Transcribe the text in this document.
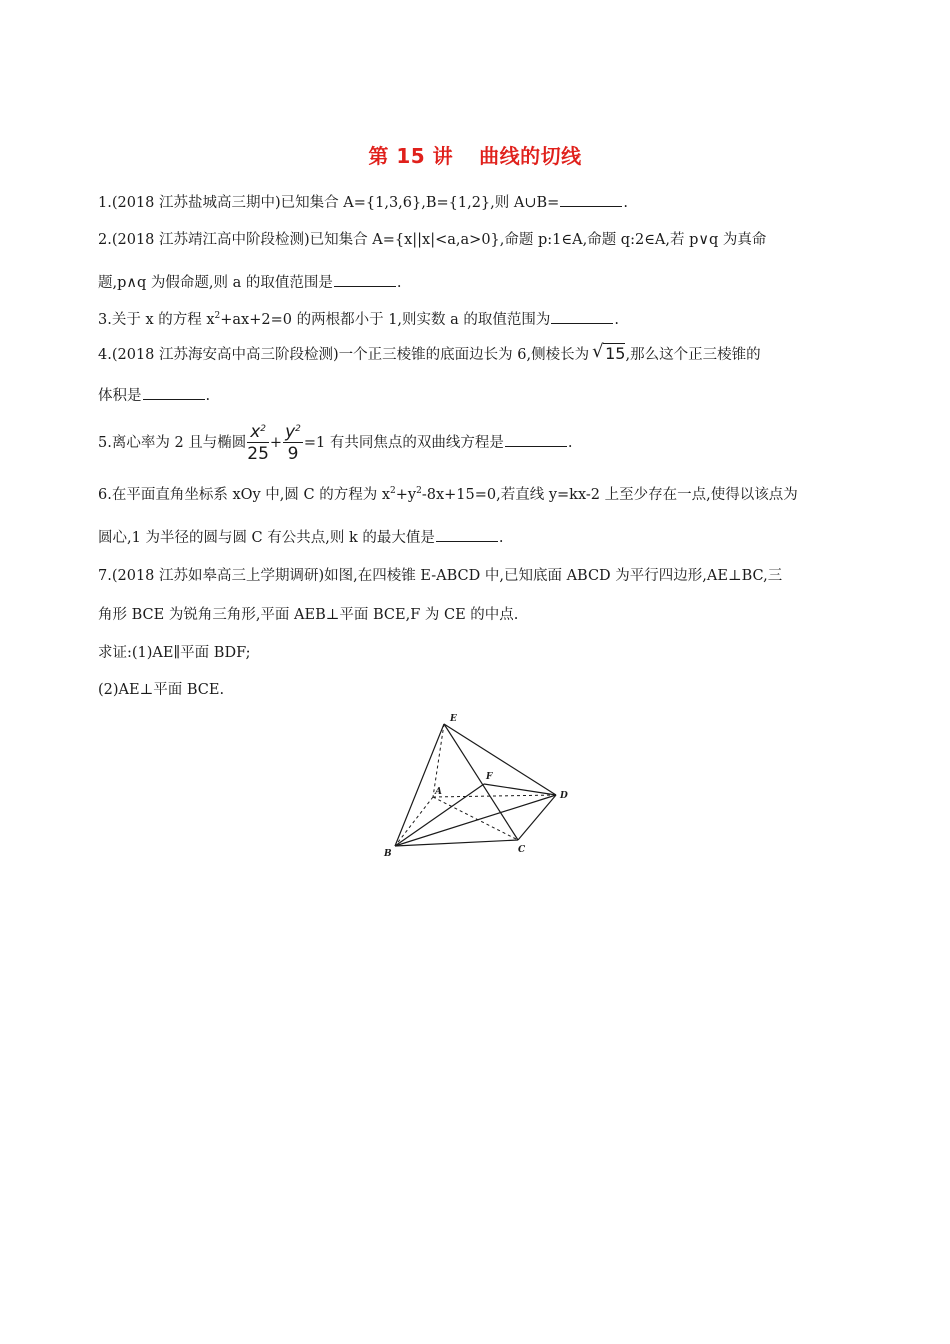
第 15 讲 曲线的切线
1.(2018 江苏盐城高三期中)已知集合 A={1,3,6},B={1,2},则 A∪B=	.
2.(2018 江苏靖江高中阶段检测)已知集合 A={x||x|<a,a>0},命题 p:1∈A,命题 q:2∈A,若 p∨q 为真命
题,p∧q 为假命题,则 a 的取值范围是	.
3.关于 x 的方程 $x^2+ax+2=0$ 的两根都小于 1,则实数 a 的取值范围为	.
4.(2018 江苏海安高中高三阶段检测)一个正三棱锥的底面边长为 6,侧棱长为 √ 15,那么这个正三棱锥的
体积是	.
5.离心率为 2 且与椭圆 $\frac{x^2}{25} + \frac{y^2}{9} =1$ 有共同焦点的双曲线方程是	.
6.在平面直角坐标系 xOy 中,圆 C 的方程为 $x^2+y^2-8x+15=0$,若直线 y=kx-2 上至少存在一点,使得以该点为
圆心,1 为半径的圆与圆 C 有公共点,则 k 的最大值是	.
7.(2018 江苏如皋高三上学期调研)如图,在四棱锥 E-ABCD 中,已知底面 ABCD 为平行四边形,AE⊥BC,三
角形 BCE 为锐角三角形,平面 AEB⊥平面 BCE,F 为 CE 的中点.
求证:(1)AE∥平面 BDF;
(2)AE⊥平面 BCE.
E
F
A	D
B	C
